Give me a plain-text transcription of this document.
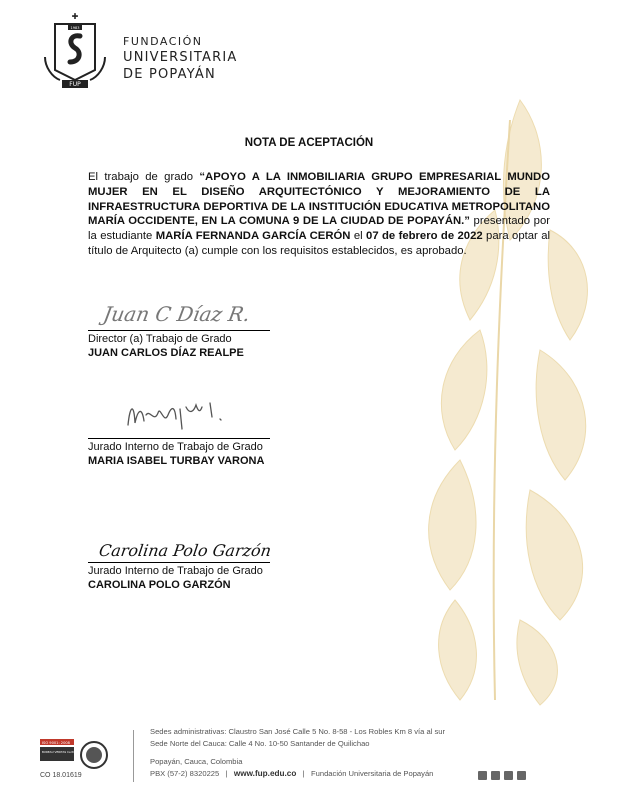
✚
1983
FUP
FUNDACIÓN
UNIVERSITARIA
DE POPAYÁN
NOTA DE ACEPTACIÓN
El trabajo de grado “APOYO A LA INMOBILIARIA GRUPO EMPRESARIAL MUNDO MUJER EN EL DISEÑO ARQUITECTÓNICO Y MEJORAMIENTO DE LA INFRAESTRUCTURA DEPORTIVA DE LA INSTITUCIÓN EDUCATIVA METROPOLITANO MARÍA OCCIDENTE, EN LA COMUNA 9 DE LA CIUDAD DE POPAYÁN.” presentado por la estudiante MARÍA FERNANDA GARCÍA CERÓN el 07 de febrero de 2022 para optar al título de Arquitecto (a) cumple con los requisitos establecidos, es aprobado.
Juan C Díaz R.
Director (a) Trabajo de Grado
JUAN CARLOS DÍAZ REALPE
Jurado Interno de Trabajo de Grado
MARIA ISABEL TURBAY VARONA
Carolina Polo Garzón
Jurado Interno de Trabajo de Grado
CAROLINA POLO GARZÓN
ISO 9001: 2008
BUREAU VERITAS Certification
CO 18.01619
Sedes administrativas: Claustro San José Calle 5 No. 8-58 - Los Robles Km 8 vía al sur
Sede Norte del Cauca: Calle 4 No. 10-50 Santander de Quilichao
Popayán, Cauca, Colombia
PBX (57-2) 8320225   |   www.fup.edu.co   |   Fundación Universitaria de Popayán
